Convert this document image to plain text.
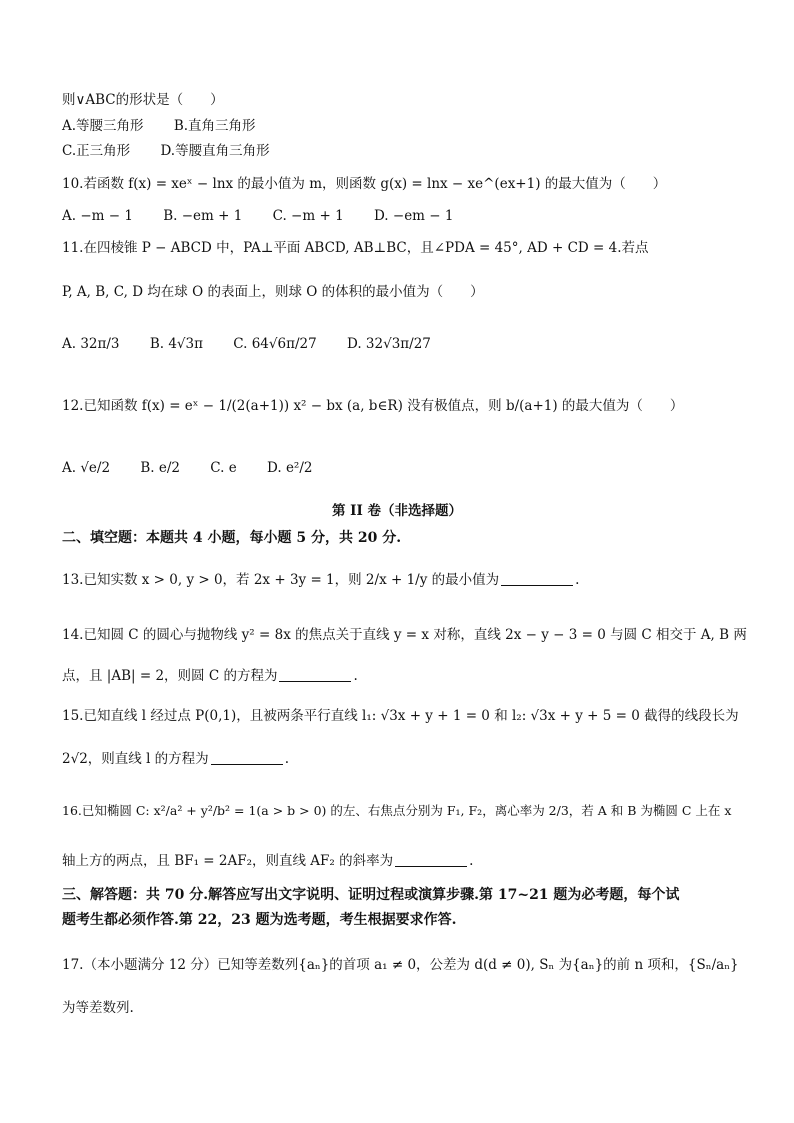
则∨ABC的形状是（　　）
A.等腰三角形 B.直角三角形
C.正三角形 D.等腰直角三角形
10.若函数 f(x) = xeˣ − lnx 的最小值为 m，则函数 g(x) = lnx − xe^(ex+1) 的最大值为（　　）
A. −m − 1 B. −em + 1 C. −m + 1 D. −em − 1
11.在四棱锥 P − ABCD 中，PA⊥平面 ABCD, AB⊥BC，且∠PDA = 45°, AD + CD = 4.若点
P, A, B, C, D 均在球 O 的表面上，则球 O 的体积的最小值为（　　）
A. 32π/3 B. 4√3π C. 64√6π/27 D. 32√3π/27
12.已知函数 f(x) = eˣ − 1/(2(a+1)) x² − bx (a, b∈R) 没有极值点，则 b/(a+1) 的最大值为（　　）
A. √e/2 B. e/2 C. e D. e²/2
第 II 卷（非选择题）
二、填空题：本题共 4 小题，每小题 5 分，共 20 分.
13.已知实数 x > 0, y > 0，若 2x + 3y = 1，则 2/x + 1/y 的最小值为	.
14.已知圆 C 的圆心与抛物线 y² = 8x 的焦点关于直线 y = x 对称，直线 2x − y − 3 = 0 与圆 C 相交于 A, B 两
点，且 |AB| = 2，则圆 C 的方程为	.
15.已知直线 l 经过点 P(0,1)，且被两条平行直线 l₁: √3x + y + 1 = 0 和 l₂: √3x + y + 5 = 0 截得的线段长为
2√2，则直线 l 的方程为	.
16.已知椭圆 C: x²/a² + y²/b² = 1(a > b > 0) 的左、右焦点分别为 F₁, F₂，离心率为 2/3，若 A 和 B 为椭圆 C 上在 x
轴上方的两点，且 BF₁ = 2AF₂，则直线 AF₂ 的斜率为	.
三、解答题：共 70 分.解答应写出文字说明、证明过程或演算步骤.第 17~21 题为必考题，每个试
题考生都必须作答.第 22，23 题为选考题，考生根据要求作答.
17.（本小题满分 12 分）已知等差数列{aₙ}的首项 a₁ ≠ 0，公差为 d(d ≠ 0), Sₙ 为{aₙ}的前 n 项和，{Sₙ/aₙ}
为等差数列.
